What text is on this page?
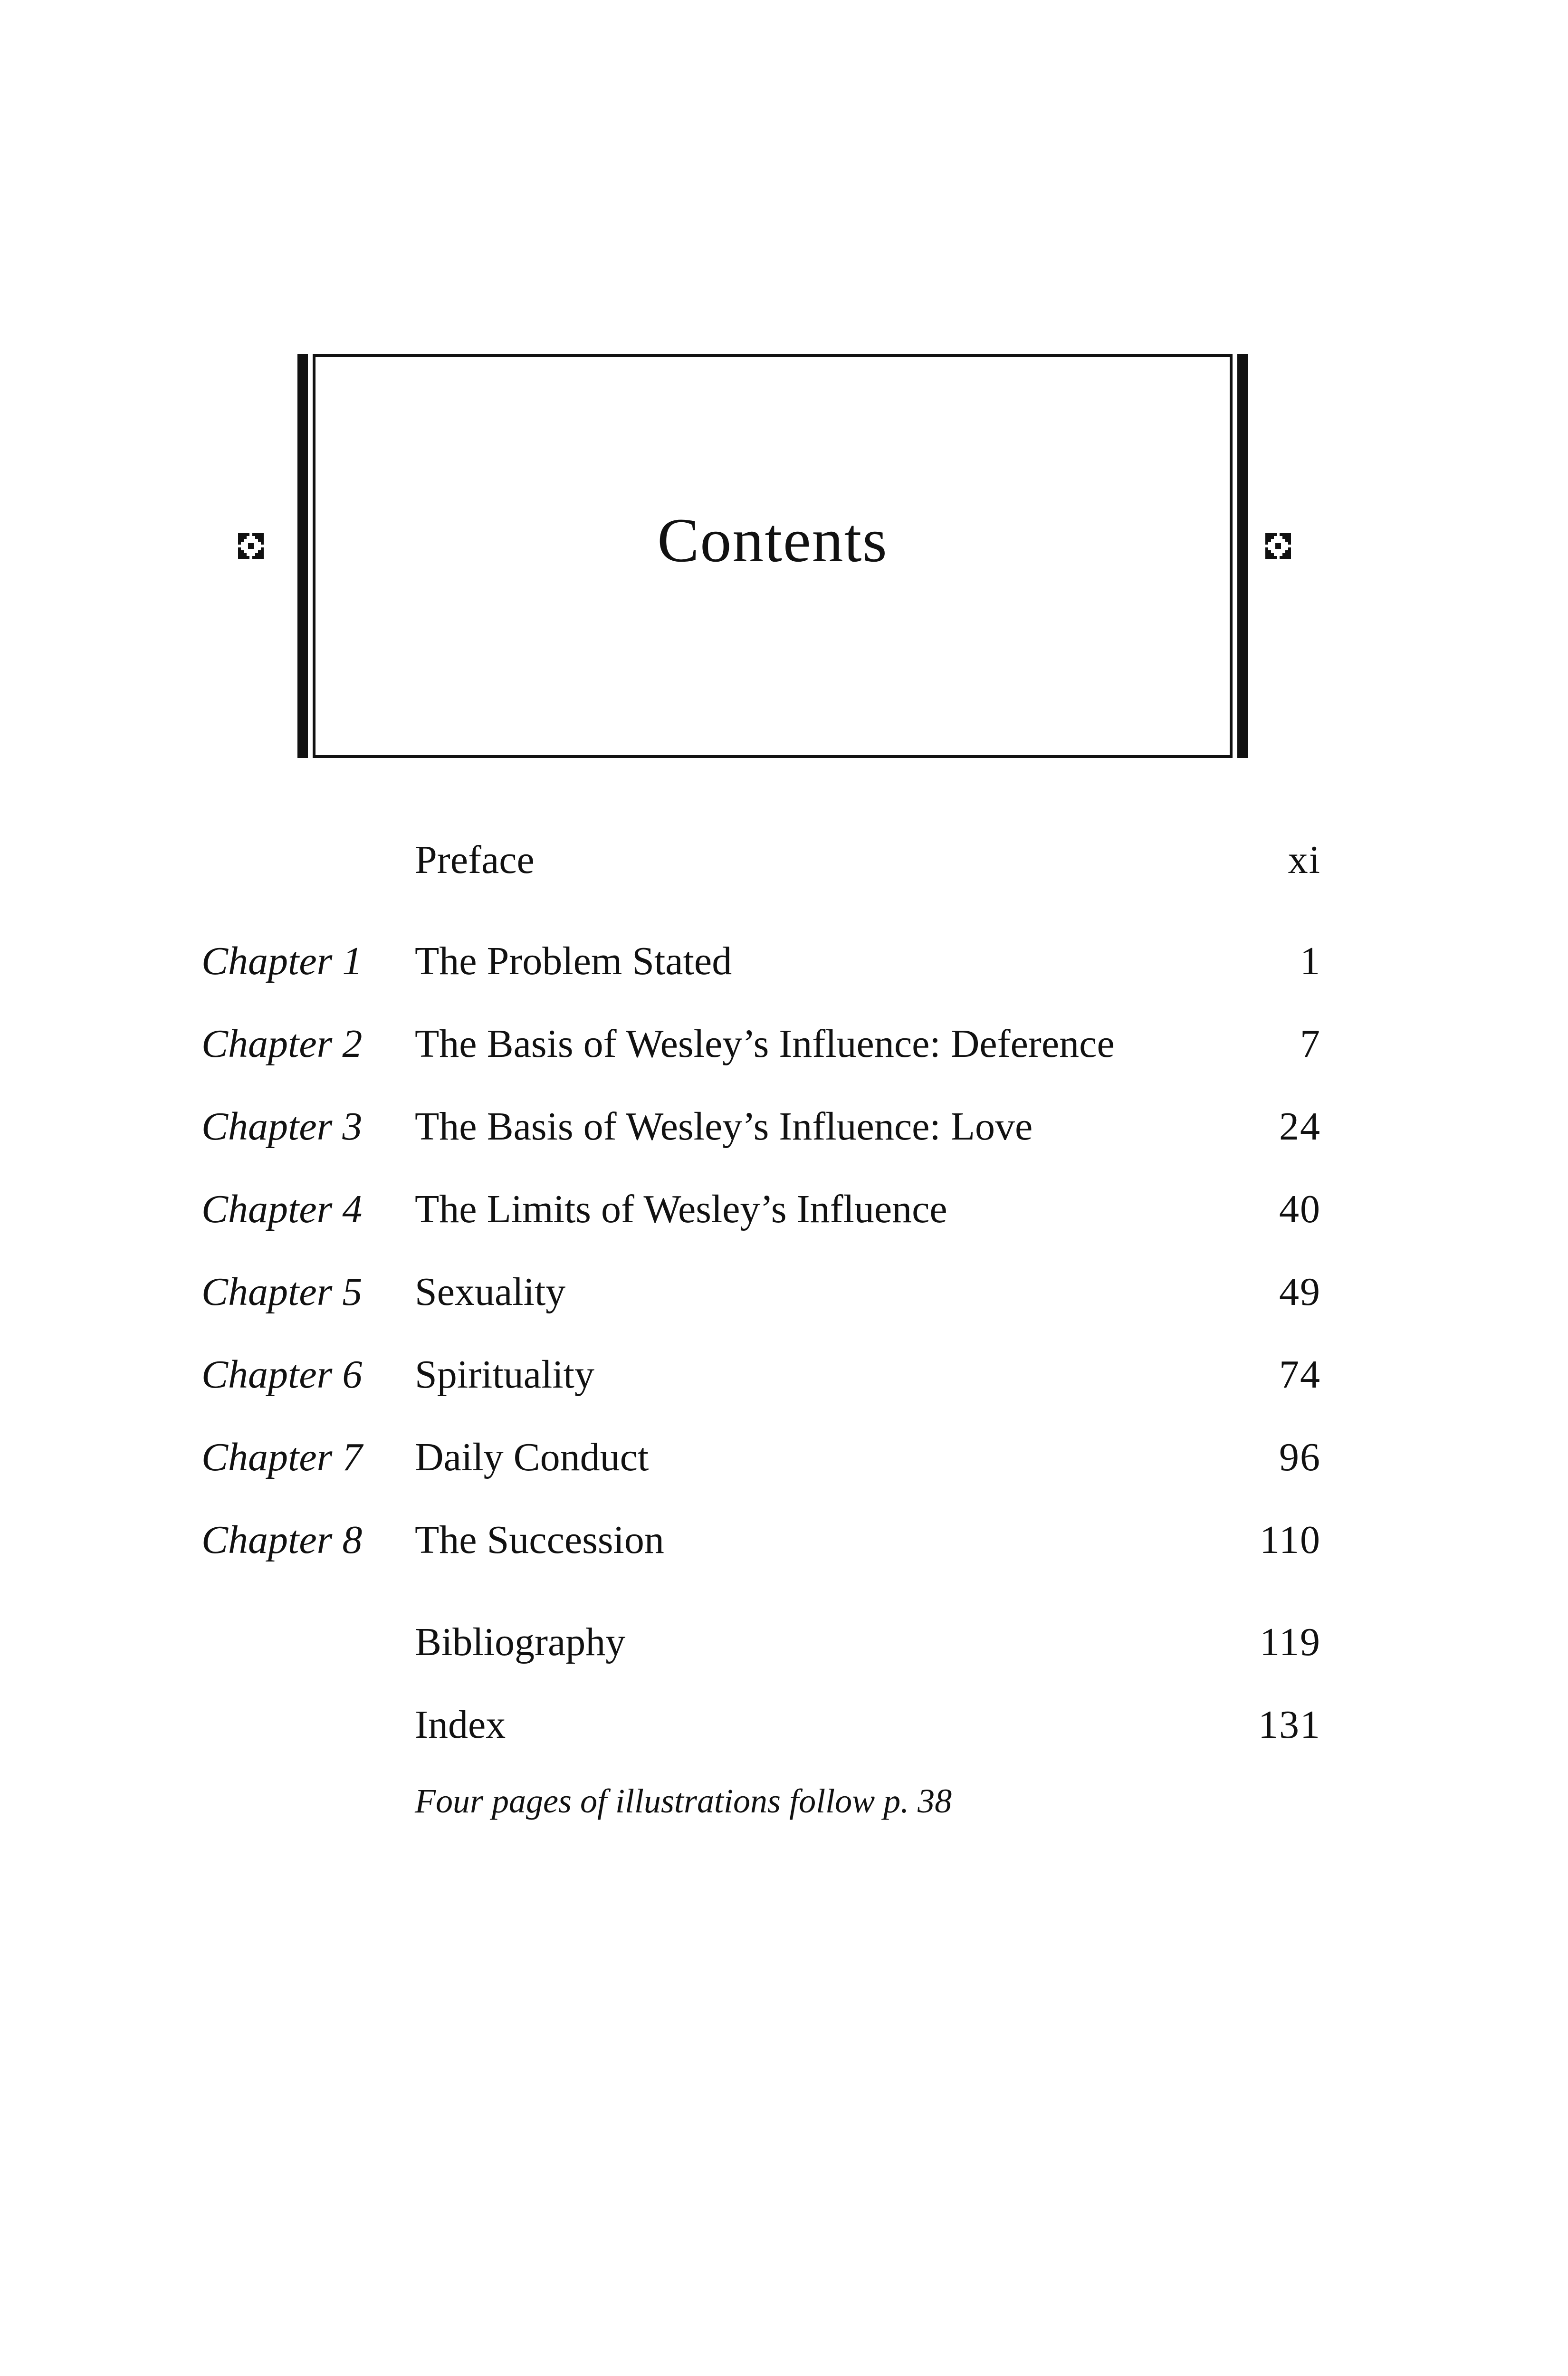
Contents
Preface	xi
Chapter 1 The Problem Stated	1
Chapter 2 The Basis of Wesley’s Influence: Deference	7
Chapter 3 The Basis of Wesley’s Influence: Love	24
Chapter 4 The Limits of Wesley’s Influence	40
Chapter 5 Sexuality	49
Chapter 6 Spirituality	74
Chapter 7 Daily Conduct	96
Chapter 8 The Succession	110
Bibliography	119
Index	131
Four pages of illustrations follow p. 38
